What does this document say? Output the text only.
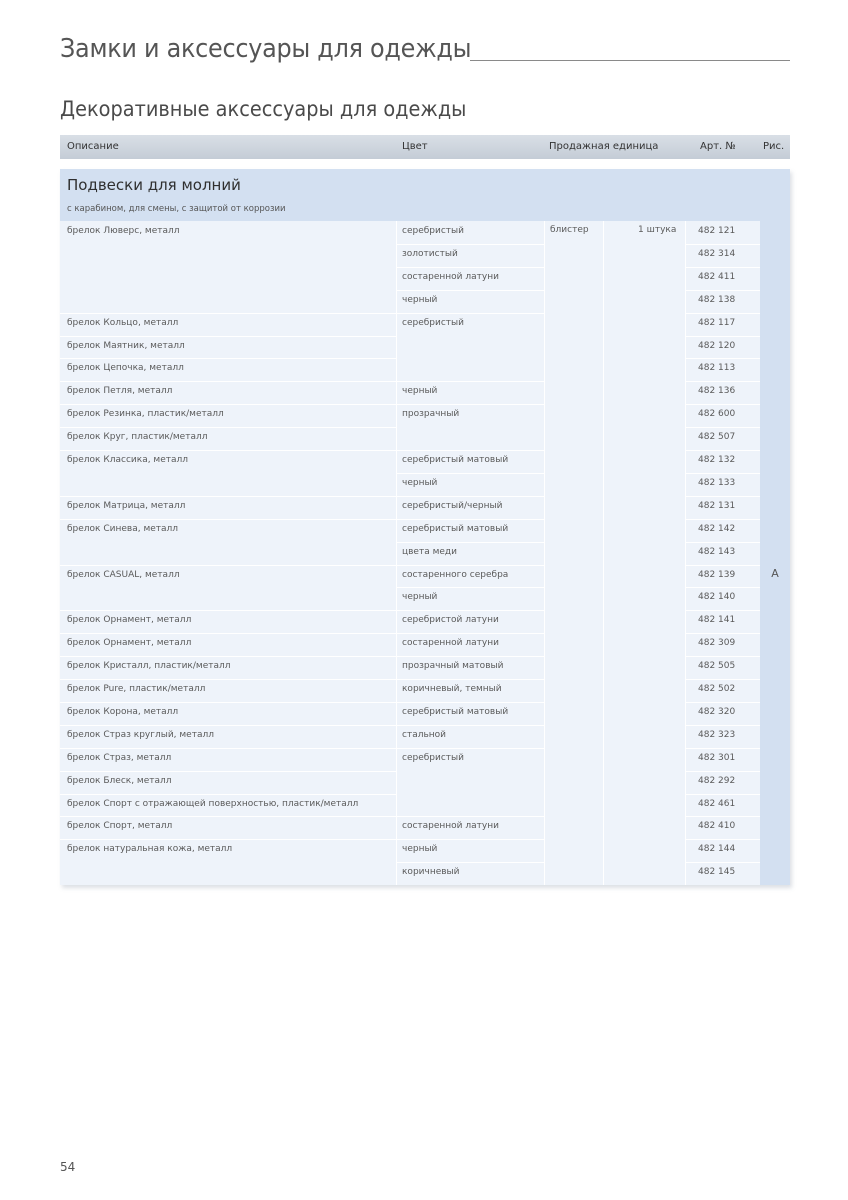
Замки и аксессуары для одежды
Декоративные аксессуары для одежды
Описание	Цвет	Продажная единица	Арт. №	Рис.
Подвески для молний
с карабином, для смены, с защитой от коррозии
A
блистер	1 штука
брелок Люверс, металл	серебристый	482 121
золотистый	482 314
состаренной латуни	482 411
черный	482 138
брелок Кольцо, металл	серебристый	482 117
брелок Маятник, металл	482 120
брелок Цепочка, металл	482 113
брелок Петля, металл	черный	482 136
брелок Резинка, пластик/металл	прозрачный	482 600
брелок Круг, пластик/металл	482 507
брелок Классика, металл	серебристый матовый	482 132
черный	482 133
брелок Матрица, металл	серебристый/черный	482 131
брелок Синева, металл	серебристый матовый	482 142
цвета меди	482 143
брелок CASUAL, металл	состаренного серебра	482 139
черный	482 140
брелок Орнамент, металл	серебристой латуни	482 141
брелок Орнамент, металл	состаренной латуни	482 309
брелок Кристалл, пластик/металл	прозрачный матовый	482 505
брелок Pure, пластик/металл	коричневый, темный	482 502
брелок Корона, металл	серебристый матовый	482 320
брелок Страз круглый, металл	стальной	482 323
брелок Страз, металл	серебристый	482 301
брелок Блеск, металл	482 292
брелок Спорт с отражающей поверхностью, пластик/металл	482 461
брелок Спорт, металл	состаренной латуни	482 410
брелок натуральная кожа, металл	черный	482 144
коричневый	482 145
54
